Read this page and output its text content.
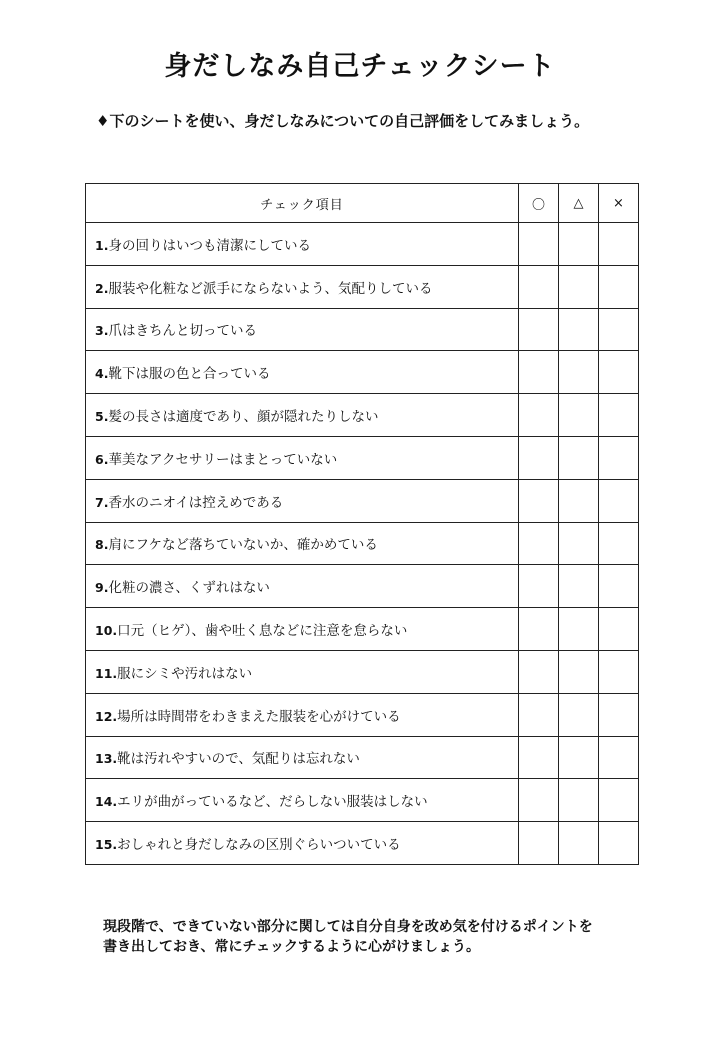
身だしなみ自己チェックシート
♦下のシートを使い、身だしなみについての自己評価をしてみましょう。
チェック項目	〇	△	×
1.身の回りはいつも清潔にしている			
2.服装や化粧など派手にならないよう、気配りしている			
3.爪はきちんと切っている			
4.靴下は服の色と合っている			
5.髪の長さは適度であり、顔が隠れたりしない			
6.華美なアクセサリーはまとっていない			
7.香水のニオイは控えめである			
8.肩にフケなど落ちていないか、確かめている			
9.化粧の濃さ、くずれはない			
10.口元（ヒゲ）、歯や吐く息などに注意を怠らない			
11.服にシミや汚れはない			
12.場所は時間帯をわきまえた服装を心がけている			
13.靴は汚れやすいので、気配りは忘れない			
14.エリが曲がっているなど、だらしない服装はしない			
15.おしゃれと身だしなみの区別ぐらいついている			
現段階で、できていない部分に関しては自分自身を改め気を付けるポイントを
書き出しておき、常にチェックするように心がけましょう。
